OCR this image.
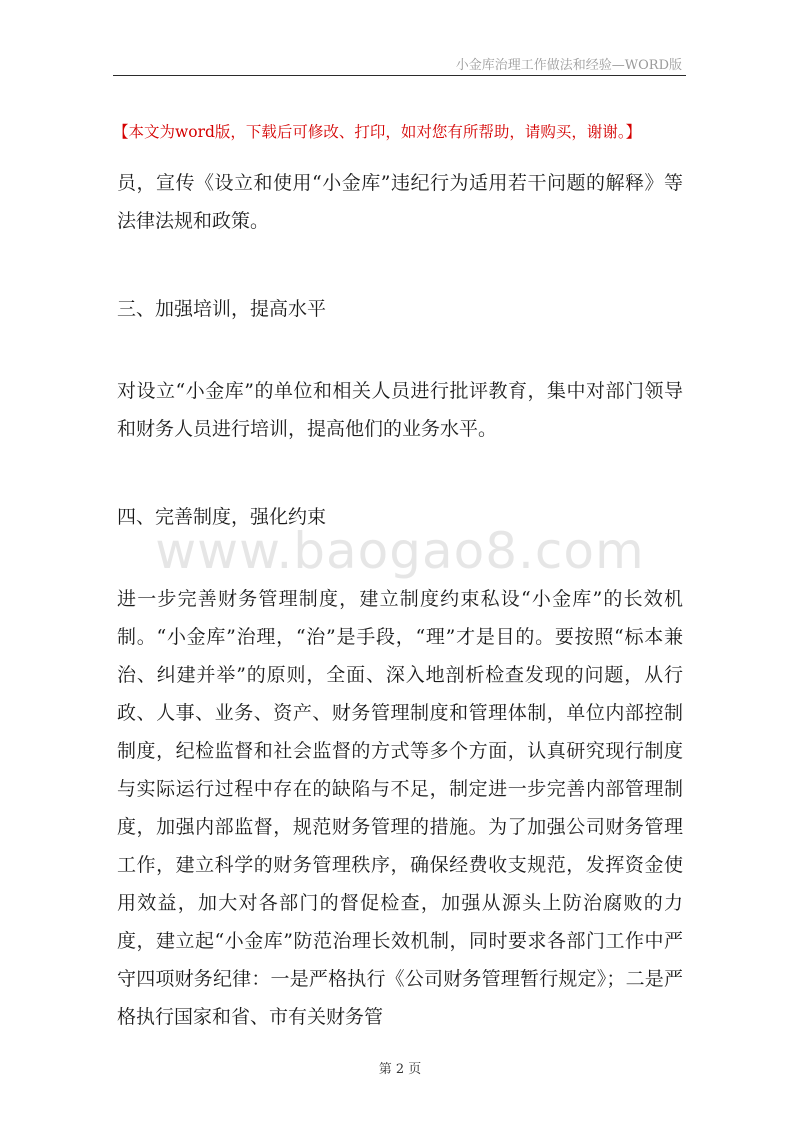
小金库治理工作做法和经验—WORD版
【本文为word版，下载后可修改、打印，如对您有所帮助，请购买，谢谢。】
员，宣传《设立和使用“小金库”违纪行为适用若干问题的解释》等法律法规和政策。
三、加强培训，提高水平
对设立“小金库”的单位和相关人员进行批评教育，集中对部门领导和财务人员进行培训，提高他们的业务水平。
四、完善制度，强化约束
www.baogao8.com
进一步完善财务管理制度，建立制度约束私设“小金库”的长效机制。“小金库”治理，“治”是手段，“理”才是目的。要按照“标本兼治、纠建并举”的原则，全面、深入地剖析检查发现的问题，从行政、人事、业务、资产、财务管理制度和管理体制，单位内部控制制度，纪检监督和社会监督的方式等多个方面，认真研究现行制度与实际运行过程中存在的缺陷与不足，制定进一步完善内部管理制度，加强内部监督，规范财务管理的措施。为了加强公司财务管理工作，建立科学的财务管理秩序，确保经费收支规范，发挥资金使用效益，加大对各部门的督促检查，加强从源头上防治腐败的力度，建立起“小金库”防范治理长效机制，同时要求各部门工作中严守四项财务纪律：一是严格执行《公司财务管理暂行规定》；二是严格执行国家和省、市有关财务管
第 2 页
